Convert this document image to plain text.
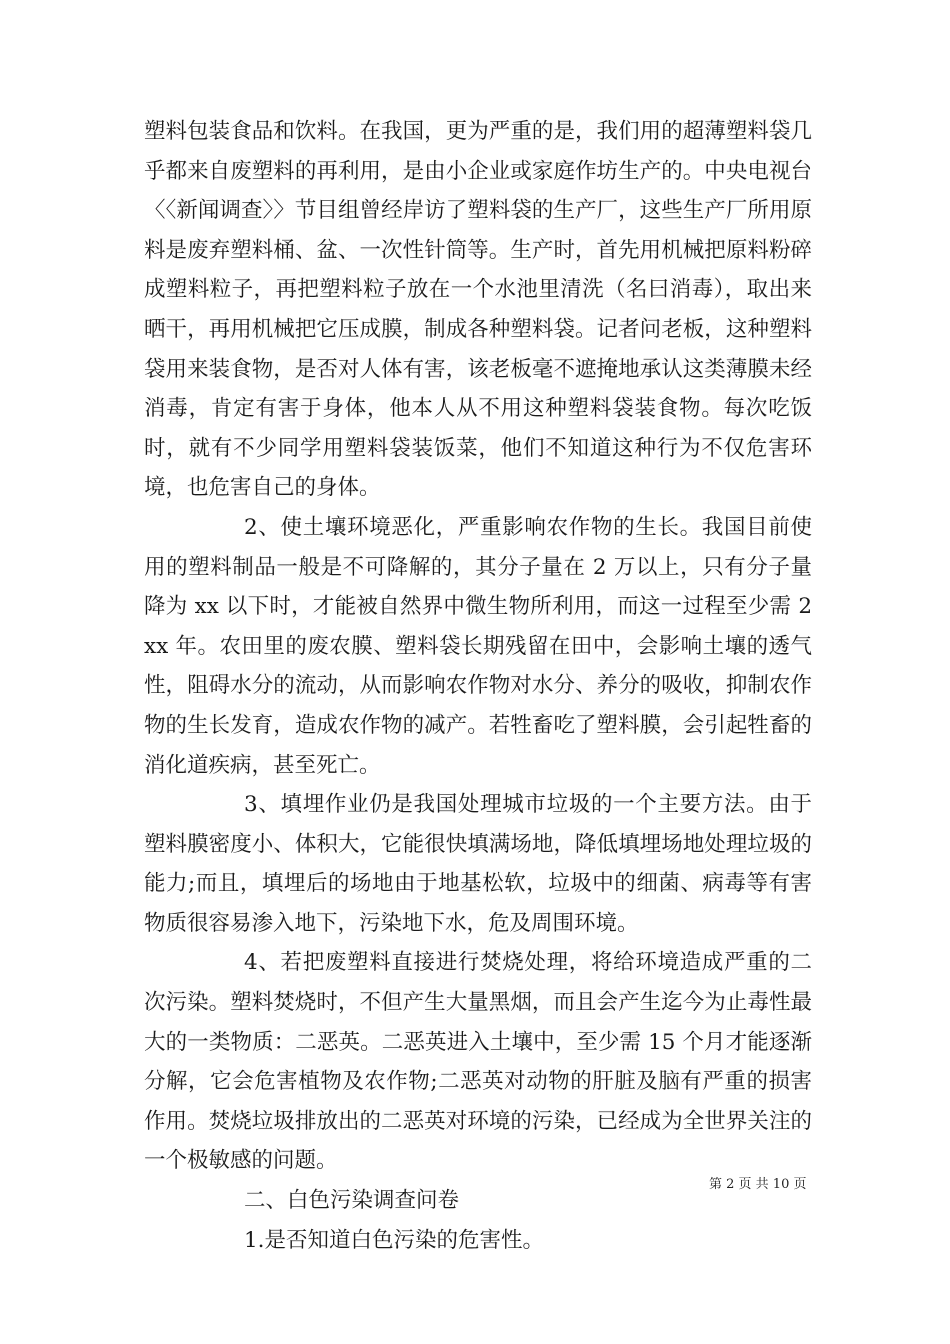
塑料包装食品和饮料。在我国，更为严重的是，我们用的超薄塑料袋几乎都来自废塑料的再利用，是由小企业或家庭作坊生产的。中央电视台〈〈新闻调查〉〉节目组曾经岸访了塑料袋的生产厂，这些生产厂所用原料是废弃塑料桶、盆、一次性针筒等。生产时，首先用机械把原料粉碎成塑料粒子，再把塑料粒子放在一个水池里清洗（名曰消毒），取出来晒干，再用机械把它压成膜，制成各种塑料袋。记者问老板，这种塑料袋用来装食物，是否对人体有害，该老板毫不遮掩地承认这类薄膜未经消毒，肯定有害于身体，他本人从不用这种塑料袋装食物。每次吃饭时，就有不少同学用塑料袋装饭菜，他们不知道这种行为不仅危害环境，也危害自己的身体。

2、使土壤环境恶化，严重影响农作物的生长。我国目前使用的塑料制品一般是不可降解的，其分子量在 2 万以上，只有分子量降为 xx 以下时，才能被自然界中微生物所利用，而这一过程至少需 2xx 年。农田里的废农膜、塑料袋长期残留在田中，会影响土壤的透气性，阻碍水分的流动，从而影响农作物对水分、养分的吸收，抑制农作物的生长发育，造成农作物的减产。若牲畜吃了塑料膜，会引起牲畜的消化道疾病，甚至死亡。

3、填埋作业仍是我国处理城市垃圾的一个主要方法。由于塑料膜密度小、体积大，它能很快填满场地，降低填埋场地处理垃圾的能力;而且，填埋后的场地由于地基松软，垃圾中的细菌、病毒等有害物质很容易渗入地下，污染地下水，危及周围环境。

4、若把废塑料直接进行焚烧处理，将给环境造成严重的二次污染。塑料焚烧时，不但产生大量黑烟，而且会产生迄今为止毒性最大的一类物质：二恶英。二恶英进入土壤中，至少需 15 个月才能逐渐分解，它会危害植物及农作物;二恶英对动物的肝脏及脑有严重的损害作用。焚烧垃圾排放出的二恶英对环境的污染，已经成为全世界关注的一个极敏感的问题。

二、白色污染调查问卷

1.是否知道白色污染的危害性。

第 2 页 共 10 页
